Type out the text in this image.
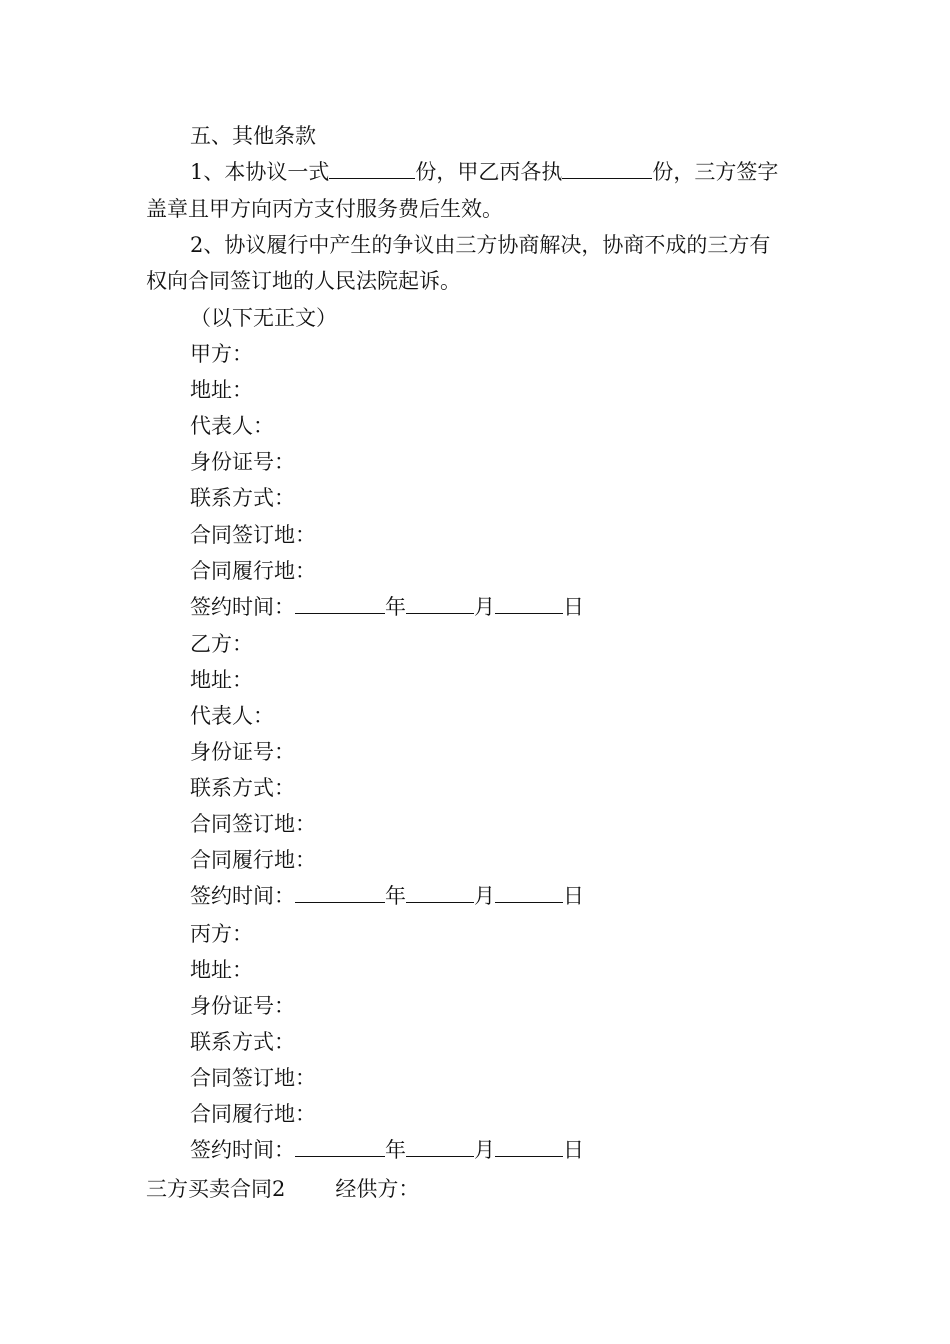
五、其他条款
1、本协议一式	份，甲乙丙各执	份，三方签字
盖章且甲方向丙方支付服务费后生效。
2、协议履行中产生的争议由三方协商解决，协商不成的三方有
权向合同签订地的人民法院起诉。
（以下无正文）
甲方：
地址：
代表人：
身份证号：
联系方式：
合同签订地：
合同履行地：
签约时间：	年	月	日
乙方：
地址：
代表人：
身份证号：
联系方式：
合同签订地：
合同履行地：
签约时间：	年	月	日
丙方：
地址：
身份证号：
联系方式：
合同签订地：
合同履行地：
签约时间：	年	月	日
三方买卖合同2 经供方：
